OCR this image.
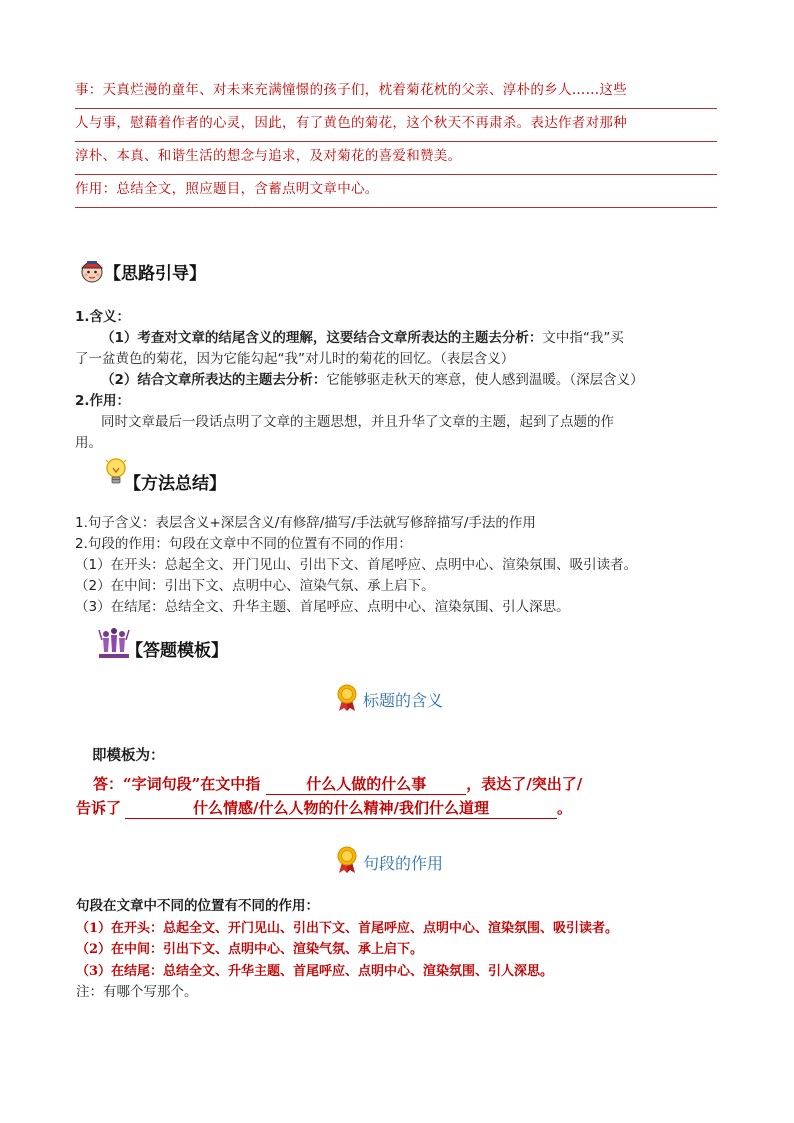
事：天真烂漫的童年、对未来充满憧憬的孩子们，枕着菊花枕的父亲、淳朴的乡人……这些
人与事，慰藉着作者的心灵，因此，有了黄色的菊花，这个秋天不再肃杀。表达作者对那种
淳朴、本真、和谐生活的想念与追求，及对菊花的喜爱和赞美。
作用：总结全文，照应题目，含蓄点明文章中心。
【思路引导】
1.含义：
（1）考查对文章的结尾含义的理解，这要结合文章所表达的主题去分析：文中指“我”买
了一盆黄色的菊花，因为它能勾起“我”对儿时的菊花的回忆。（表层含义）
（2）结合文章所表达的主题去分析：它能够驱走秋天的寒意，使人感到温暖。（深层含义）
2.作用：
同时文章最后一段话点明了文章的主题思想，并且升华了文章的主题，起到了点题的作
用。
【方法总结】
1.句子含义：表层含义+深层含义/有修辞/描写/手法就写修辞描写/手法的作用
2.句段的作用：句段在文章中不同的位置有不同的作用：
（1）在开头：总起全文、开门见山、引出下文、首尾呼应、点明中心、渲染氛围、吸引读者。
（2）在中间：引出下文、点明中心、渲染气氛、承上启下。
（3）在结尾：总结全文、升华主题、首尾呼应、点明中心、渲染氛围、引人深思。
【答题模板】
标题的含义
即模板为：
答：“字词句段”在文中指	什么人做的什么事	，表达了/突出了/
告诉了	什么情感/什么人物的什么精神/我们什么道理	。
句段的作用
句段在文章中不同的位置有不同的作用：
（1）在开头：总起全文、开门见山、引出下文、首尾呼应、点明中心、渲染氛围、吸引读者。
（2）在中间：引出下文、点明中心、渲染气氛、承上启下。
（3）在结尾：总结全文、升华主题、首尾呼应、点明中心、渲染氛围、引人深思。
注：有哪个写那个。
